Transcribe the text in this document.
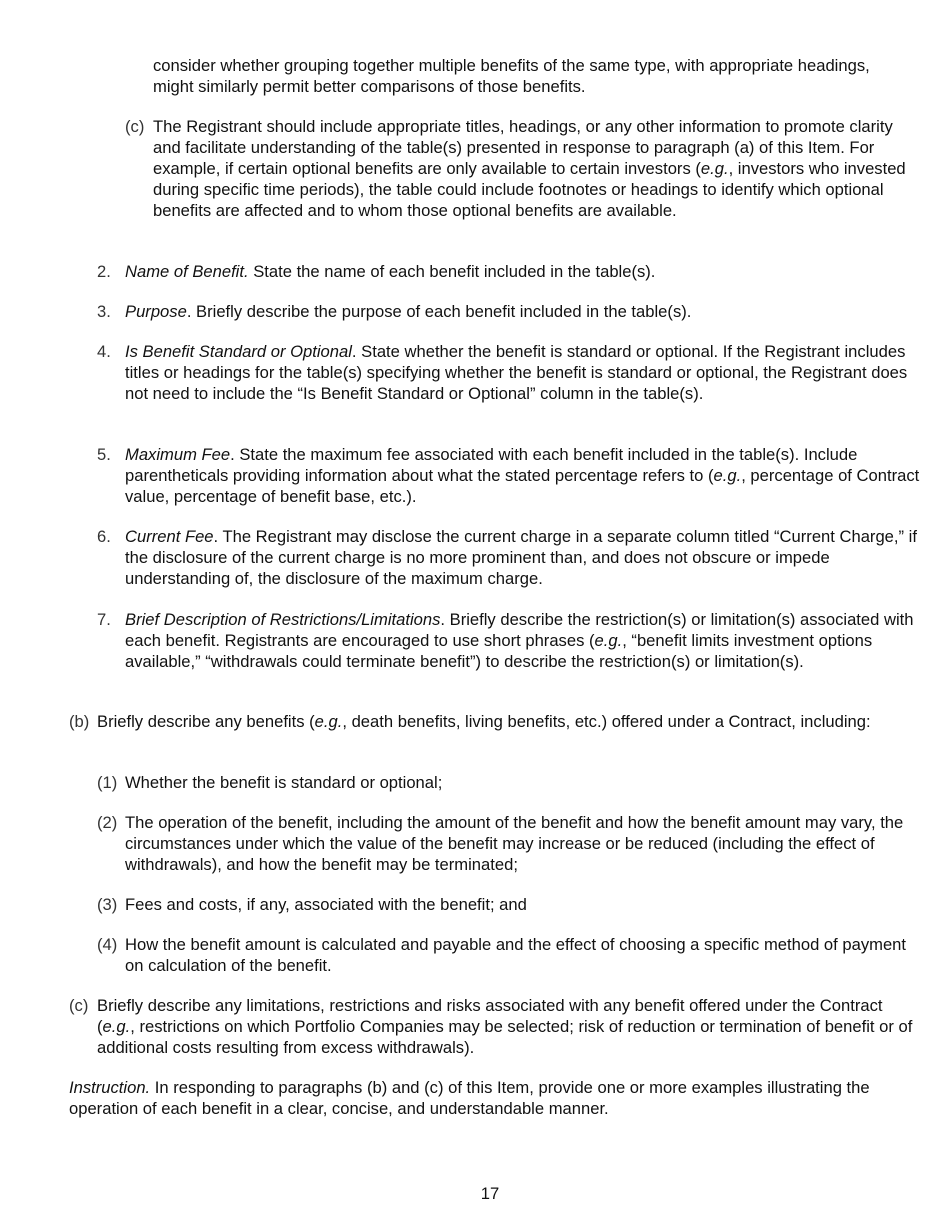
consider whether grouping together multiple benefits of the same type, with appropriate headings, might similarly permit better comparisons of those benefits.

(c) The Registrant should include appropriate titles, headings, or any other information to promote clarity and facilitate understanding of the table(s) presented in response to paragraph (a) of this Item. For example, if certain optional benefits are only available to certain investors (e.g., investors who invested during specific time periods), the table could include footnotes or headings to identify which optional benefits are affected and to whom those optional benefits are available.

2. Name of Benefit. State the name of each benefit included in the table(s).

3. Purpose. Briefly describe the purpose of each benefit included in the table(s).

4. Is Benefit Standard or Optional. State whether the benefit is standard or optional. If the Registrant includes titles or headings for the table(s) specifying whether the benefit is standard or optional, the Registrant does not need to include the “Is Benefit Standard or Optional” column in the table(s).

5. Maximum Fee. State the maximum fee associated with each benefit included in the table(s). Include parentheticals providing information about what the stated percentage refers to (e.g., percentage of Contract value, percentage of benefit base, etc.).

6. Current Fee. The Registrant may disclose the current charge in a separate column titled “Current Charge,” if the disclosure of the current charge is no more prominent than, and does not obscure or impede understanding of, the disclosure of the maximum charge.

7. Brief Description of Restrictions/Limitations. Briefly describe the restriction(s) or limitation(s) associated with each benefit. Registrants are encouraged to use short phrases (e.g., “benefit limits investment options available,” “withdrawals could terminate benefit”) to describe the restriction(s) or limitation(s).

(b) Briefly describe any benefits (e.g., death benefits, living benefits, etc.) offered under a Contract, including:

(1) Whether the benefit is standard or optional;

(2) The operation of the benefit, including the amount of the benefit and how the benefit amount may vary, the circumstances under which the value of the benefit may increase or be reduced (including the effect of withdrawals), and how the benefit may be terminated;

(3) Fees and costs, if any, associated with the benefit; and

(4) How the benefit amount is calculated and payable and the effect of choosing a specific method of payment on calculation of the benefit.

(c) Briefly describe any limitations, restrictions and risks associated with any benefit offered under the Contract (e.g., restrictions on which Portfolio Companies may be selected; risk of reduction or termination of benefit or of additional costs resulting from excess withdrawals).

Instruction. In responding to paragraphs (b) and (c) of this Item, provide one or more examples illustrating the operation of each benefit in a clear, concise, and understandable manner.

17
